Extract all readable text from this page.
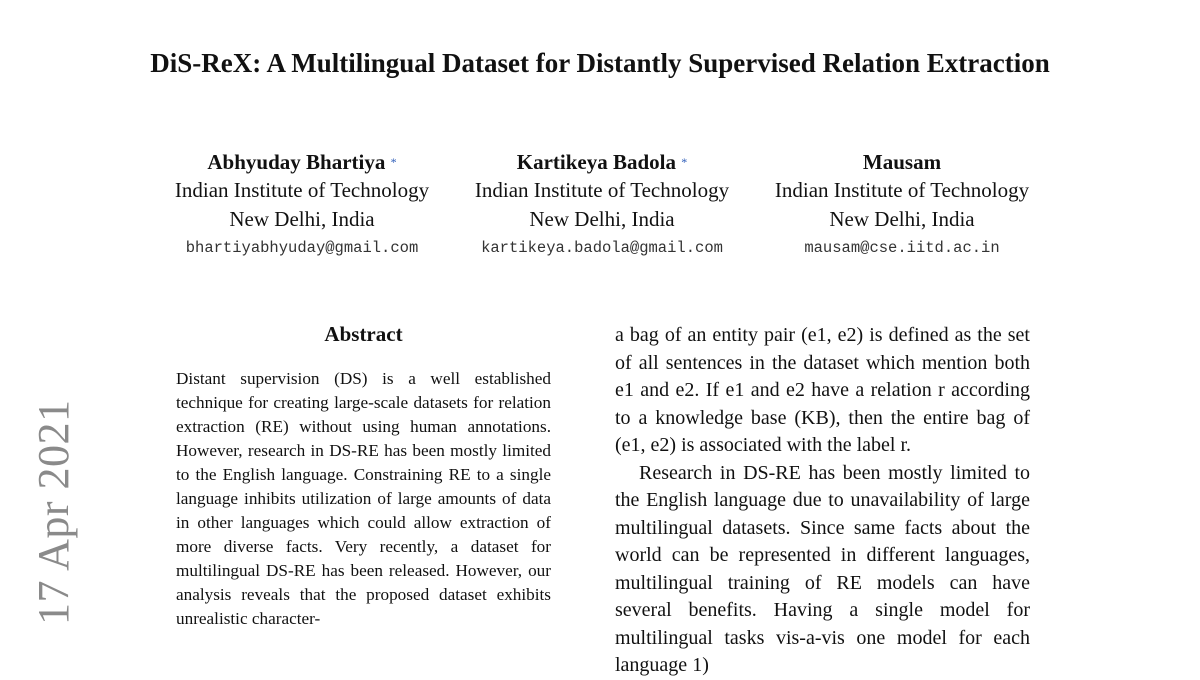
17 Apr 2021
DiS-ReX: A Multilingual Dataset for Distantly Supervised Relation Extraction
Abhyuday Bhartiya *
Indian Institute of Technology
New Delhi, India
bhartiyabhyuday@gmail.com
Kartikeya Badola *
Indian Institute of Technology
New Delhi, India
kartikeya.badola@gmail.com
Mausam
Indian Institute of Technology
New Delhi, India
mausam@cse.iitd.ac.in
Abstract

Distant supervision (DS) is a well established technique for creating large-scale datasets for relation extraction (RE) without using human annotations. However, research in DS-RE has been mostly limited to the English language. Constraining RE to a single language inhibits utilization of large amounts of data in other languages which could allow extraction of more diverse facts. Very recently, a dataset for multilingual DS-RE has been released. However, our analysis reveals that the proposed dataset exhibits unrealistic character-

a bag of an entity pair (e1, e2) is defined as the set of all sentences in the dataset which mention both e1 and e2. If e1 and e2 have a relation r according to a knowledge base (KB), then the entire bag of (e1, e2) is associated with the label r.

Research in DS-RE has been mostly limited to the English language due to unavailability of large multilingual datasets. Since same facts about the world can be represented in different languages, multilingual training of RE models can have several benefits. Having a single model for multilingual tasks vis-a-vis one model for each language 1)
